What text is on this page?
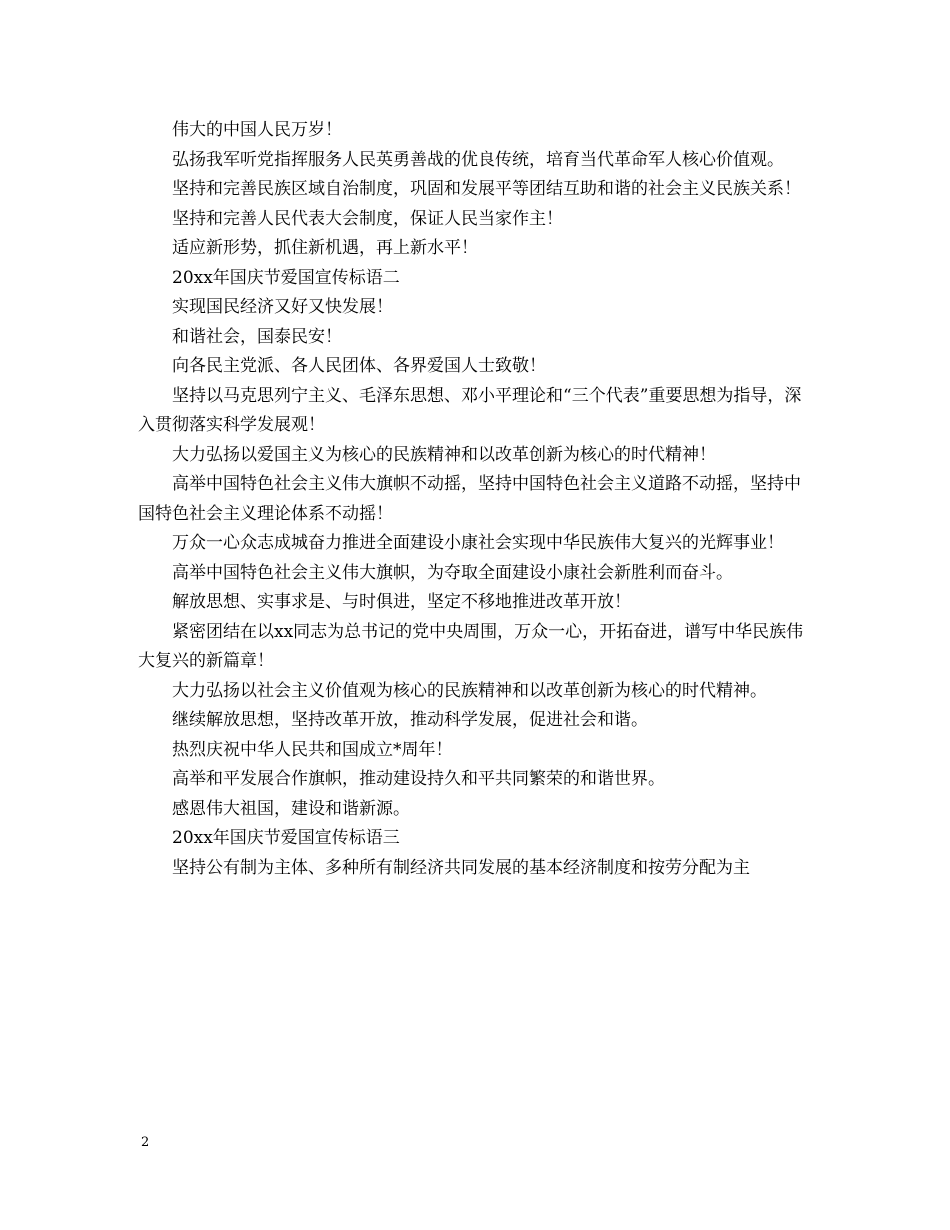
伟大的中国人民万岁！

弘扬我军听党指挥服务人民英勇善战的优良传统，培育当代革命军人核心价值观。

坚持和完善民族区域自治制度，巩固和发展平等团结互助和谐的社会主义民族关系！

坚持和完善人民代表大会制度，保证人民当家作主！

适应新形势，抓住新机遇，再上新水平！

20xx年国庆节爱国宣传标语二

实现国民经济又好又快发展！

和谐社会，国泰民安！

向各民主党派、各人民团体、各界爱国人士致敬！

坚持以马克思列宁主义、毛泽东思想、邓小平理论和“三个代表”重要思想为指导，深入贯彻落实科学发展观！

大力弘扬以爱国主义为核心的民族精神和以改革创新为核心的时代精神！

高举中国特色社会主义伟大旗帜不动摇，坚持中国特色社会主义道路不动摇，坚持中国特色社会主义理论体系不动摇！

万众一心众志成城奋力推进全面建设小康社会实现中华民族伟大复兴的光辉事业！

高举中国特色社会主义伟大旗帜，为夺取全面建设小康社会新胜利而奋斗。

解放思想、实事求是、与时俱进，坚定不移地推进改革开放！

紧密团结在以xx同志为总书记的党中央周围，万众一心，开拓奋进，谱写中华民族伟大复兴的新篇章！

大力弘扬以社会主义价值观为核心的民族精神和以改革创新为核心的时代精神。

继续解放思想，坚持改革开放，推动科学发展，促进社会和谐。

热烈庆祝中华人民共和国成立*周年！

高举和平发展合作旗帜，推动建设持久和平共同繁荣的和谐世界。

感恩伟大祖国，建设和谐新源。

20xx年国庆节爱国宣传标语三

坚持公有制为主体、多种所有制经济共同发展的基本经济制度和按劳分配为主

2
